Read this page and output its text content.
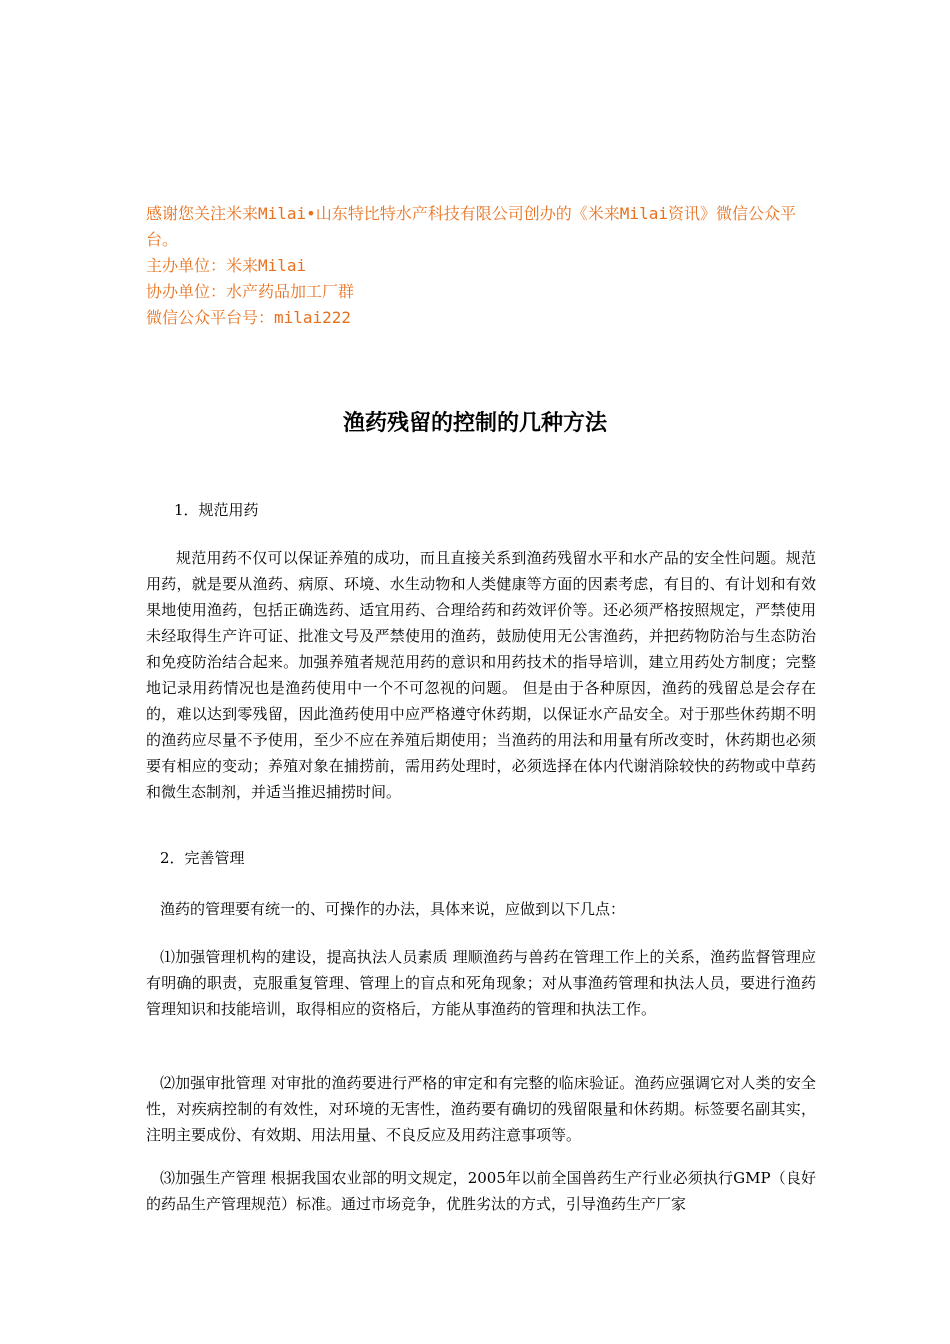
感谢您关注米来Milai•山东特比特水产科技有限公司创办的《米来Milai资讯》微信公众平台。

主办单位：米来Milai

协办单位：水产药品加工厂群

微信公众平台号：milai222

渔药残留的控制的几种方法

1．规范用药

规范用药不仅可以保证养殖的成功，而且直接关系到渔药残留水平和水产品的安全性问题。规范用药，就是要从渔药、病原、环境、水生动物和人类健康等方面的因素考虑，有目的、有计划和有效果地使用渔药，包括正确选药、适宜用药、合理给药和药效评价等。还必须严格按照规定，严禁使用未经取得生产许可证、批准文号及严禁使用的渔药，鼓励使用无公害渔药，并把药物防治与生态防治和免疫防治结合起来。加强养殖者规范用药的意识和用药技术的指导培训，建立用药处方制度；完整地记录用药情况也是渔药使用中一个不可忽视的问题。 但是由于各种原因，渔药的残留总是会存在的，难以达到零残留，因此渔药使用中应严格遵守休药期，以保证水产品安全。对于那些休药期不明的渔药应尽量不予使用，至少不应在养殖后期使用；当渔药的用法和用量有所改变时，休药期也必须要有相应的变动；养殖对象在捕捞前，需用药处理时，必须选择在体内代谢消除较快的药物或中草药和微生态制剂，并适当推迟捕捞时间。

2．完善管理

渔药的管理要有统一的、可操作的办法，具体来说，应做到以下几点：

⑴加强管理机构的建设，提高执法人员素质 理顺渔药与兽药在管理工作上的关系，渔药监督管理应有明确的职责，克服重复管理、管理上的盲点和死角现象；对从事渔药管理和执法人员，要进行渔药管理知识和技能培训，取得相应的资格后，方能从事渔药的管理和执法工作。

⑵加强审批管理 对审批的渔药要进行严格的审定和有完整的临床验证。渔药应强调它对人类的安全性，对疾病控制的有效性，对环境的无害性，渔药要有确切的残留限量和休药期。标签要名副其实，注明主要成份、有效期、用法用量、不良反应及用药注意事项等。

⑶加强生产管理 根据我国农业部的明文规定，2005年以前全国兽药生产行业必须执行GMP（良好的药品生产管理规范）标准。通过市场竞争，优胜劣汰的方式，引导渔药生产厂家
